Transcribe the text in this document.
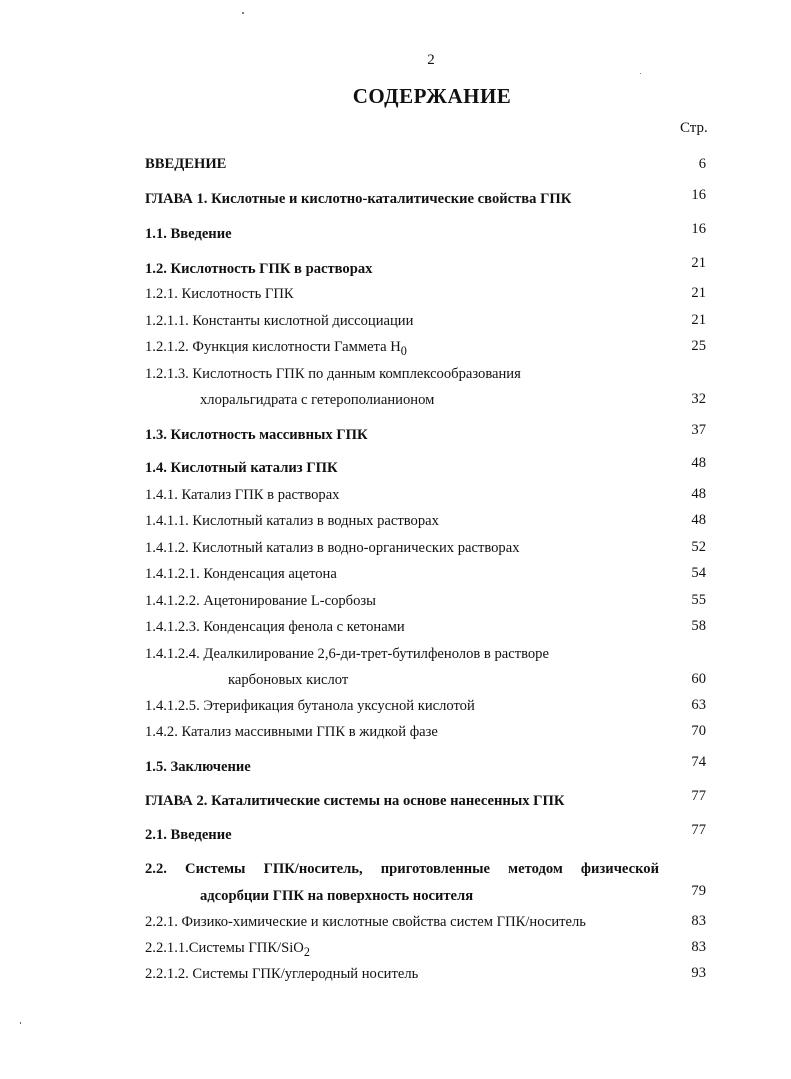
2
СОДЕРЖАНИЕ
Стр.
ВВЕДЕНИЕ	6
ГЛАВА 1. Кислотные и кислотно-каталитические свойства ГПК	16
1.1. Введение	16
1.2. Кислотность ГПК в растворах	21
1.2.1. Кислотность ГПК	21
1.2.1.1. Константы кислотной диссоциации	21
1.2.1.2. Функция кислотности Гаммета $H_0$	25
1.2.1.3. Кислотность ГПК по данным комплексообразования
хлоральгидрата с гетерополианионом	32
1.3. Кислотность массивных ГПК	37
1.4. Кислотный катализ ГПК	48
1.4.1. Катализ ГПК в растворах	48
1.4.1.1. Кислотный катализ в водных растворах	48
1.4.1.2. Кислотный катализ в водно-органических растворах	52
1.4.1.2.1. Конденсация ацетона	54
1.4.1.2.2. Ацетонирование L-сорбозы	55
1.4.1.2.3. Конденсация фенола с кетонами	58
1.4.1.2.4. Деалкилирование 2,6-ди-трет-бутилфенолов в растворе
карбоновых кислот	60
1.4.1.2.5. Этерификация бутанола уксусной кислотой	63
1.4.2. Катализ массивными ГПК в жидкой фазе	70
1.5. Заключение	74
ГЛАВА 2. Каталитические системы на основе нанесенных ГПК	77
2.1. Введение	77
2.2. Системы ГПК/носитель, приготовленные методом физической
адсорбции ГПК на поверхность носителя	79
2.2.1. Физико-химические и кислотные свойства систем ГПК/носитель	83
2.2.1.1.Системы ГПК/SiO$_2$	83
2.2.1.2. Системы ГПК/углеродный носитель	93
